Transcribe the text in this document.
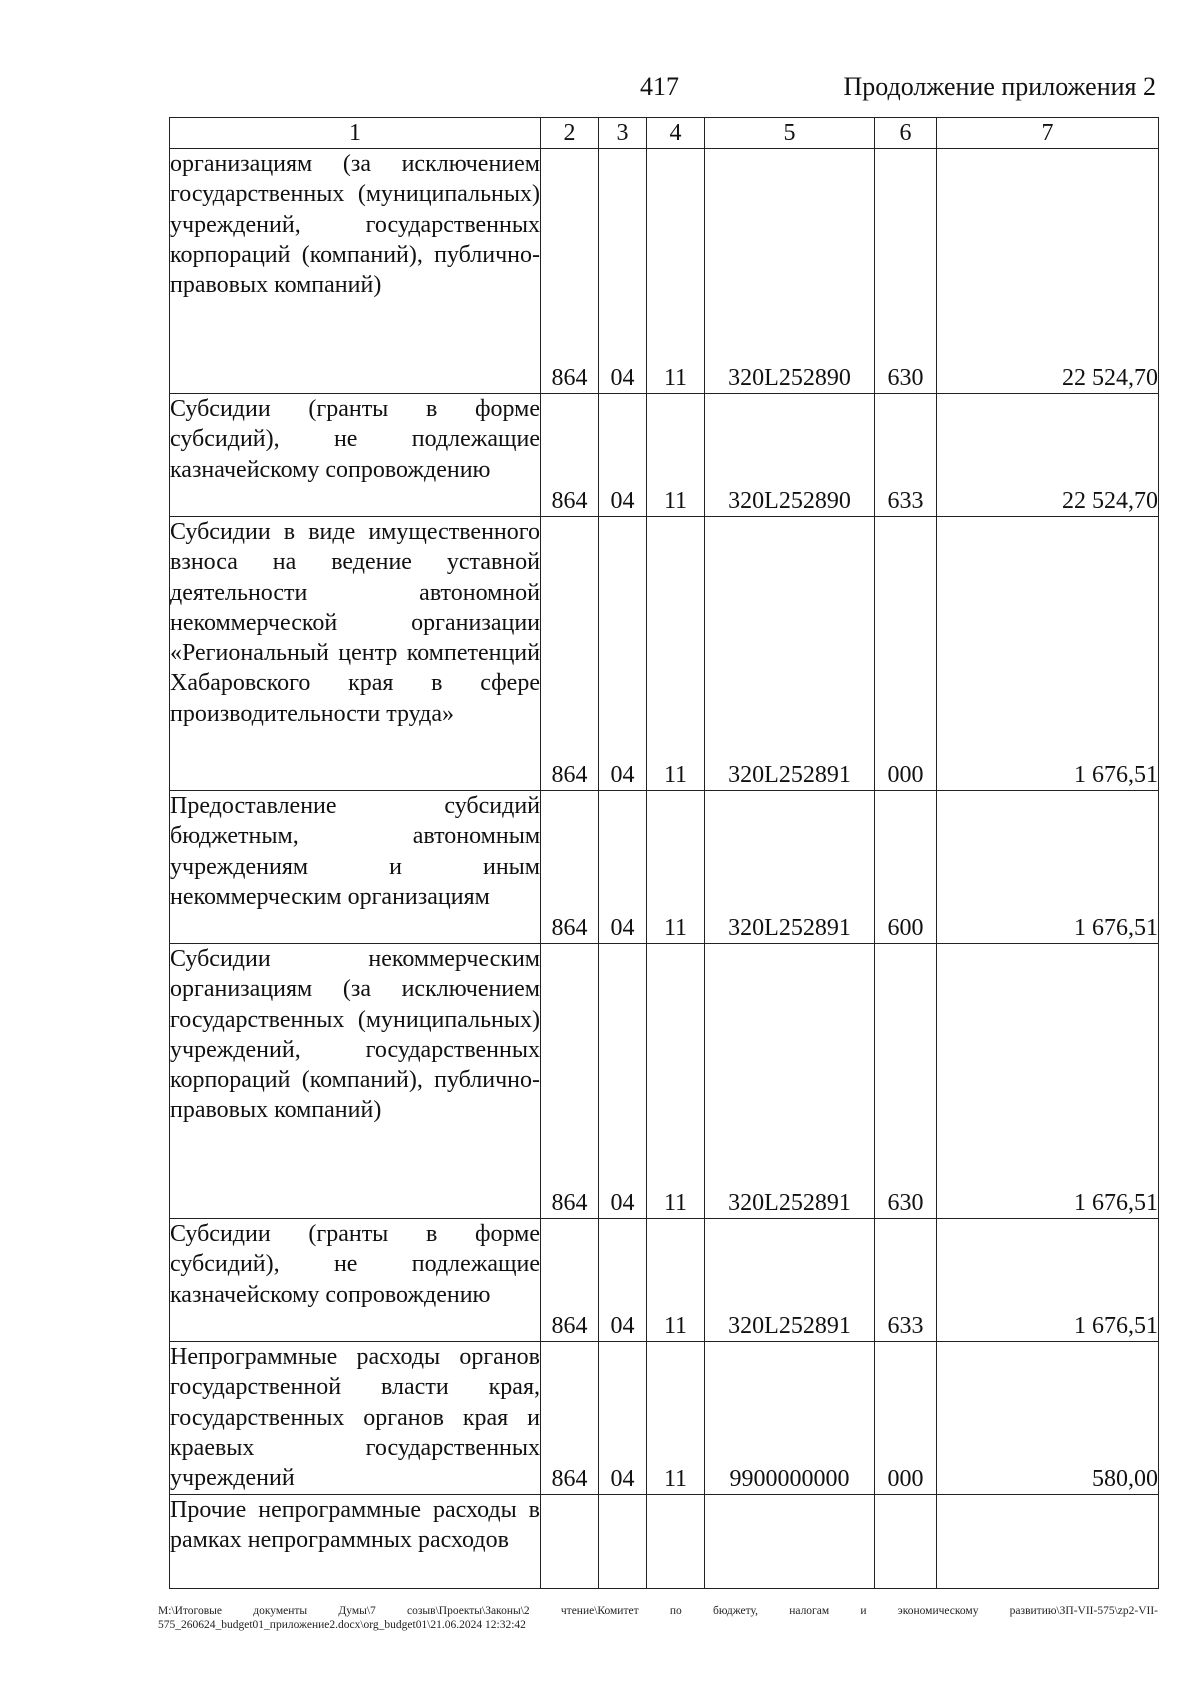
417	Продолжение приложения 2
1	2	3	4	5	6	7
организациям (за исключением государственных (муниципальных) учреждений, государственных корпораций (компаний), публично-правовых компаний)	864	04	11	320L252890	630	22 524,70
Субсидии (гранты в форме субсидий), не подлежащие казначейскому сопровождению	864	04	11	320L252890	633	22 524,70
Субсидии в виде имущественного взноса на ведение уставной деятельности автономной некоммерческой организации «Региональный центр компетенций Хабаровского края в сфере производительности труда»	864	04	11	320L252891	000	1 676,51
Предоставление субсидий бюджетным, автономным учреждениям и иным некоммерческим организациям	864	04	11	320L252891	600	1 676,51
Субсидии некоммерческим организациям (за исключением государственных (муниципальных) учреждений, государственных корпораций (компаний), публично-правовых компаний)	864	04	11	320L252891	630	1 676,51
Субсидии (гранты в форме субсидий), не подлежащие казначейскому сопровождению	864	04	11	320L252891	633	1 676,51
Непрограммные расходы органов государственной власти края, государственных органов края и краевых государственных учреждений	864	04	11	9900000000	000	580,00
Прочие непрограммные расходы в рамках непрограммных расходов						
М:\Итоговые документы Думы\7 созыв\Проекты\Законы\2 чтение\Комитет по бюджету, налогам и экономическому развитию\ЗП-VII-575\zp2-VII-575_260624_budget01_приложение2.docx\org_budget01\21.06.2024 12:32:42
